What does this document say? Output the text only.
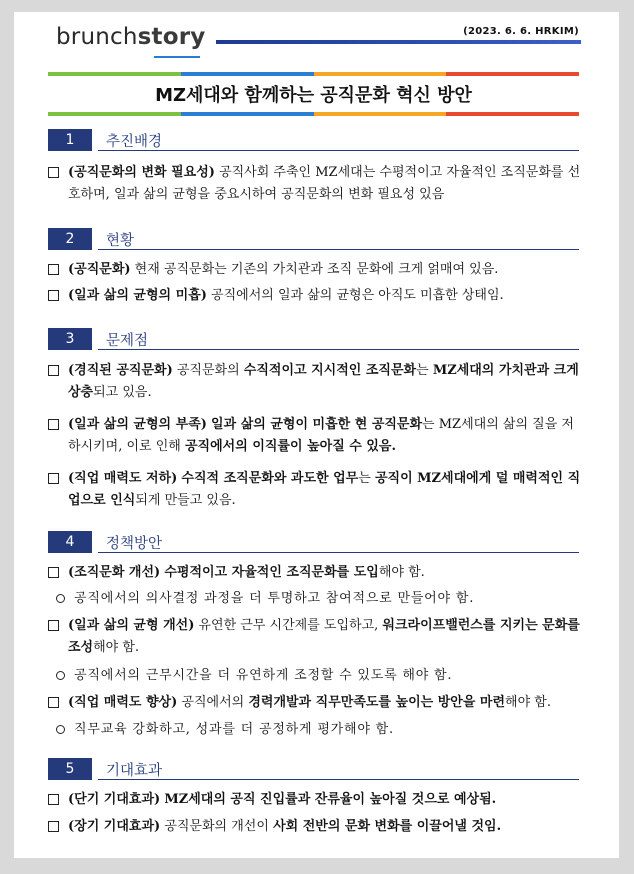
brunchstory	(2023. 6. 6. HRKIM)
MZ세대와 함께하는 공직문화 혁신 방안
1	추진배경
(공직문화의 변화 필요성) 공직사회 주축인 MZ세대는 수평적이고 자율적인 조직문화를 선호하며, 일과 삶의 균형을 중요시하여 공직문화의 변화 필요성 있음
2	현황
(공직문화) 현재 공직문화는 기존의 가치관과 조직 문화에 크게 얽매여 있음.
(일과 삶의 균형의 미흡) 공직에서의 일과 삶의 균형은 아직도 미흡한 상태임.
3	문제점
(경직된 공직문화) 공직문화의 수직적이고 지시적인 조직문화는 MZ세대의 가치관과 크게 상충되고 있음.
(일과 삶의 균형의 부족) 일과 삶의 균형이 미흡한 현 공직문화는 MZ세대의 삶의 질을 저하시키며, 이로 인해 공직에서의 이직률이 높아질 수 있음.
(직업 매력도 저하) 수직적 조직문화와 과도한 업무는 공직이 MZ세대에게 덜 매력적인 직업으로 인식되게 만들고 있음.
4	정책방안
(조직문화 개선) 수평적이고 자율적인 조직문화를 도입해야 함.
공직에서의 의사결정 과정을 더 투명하고 참여적으로 만들어야 함.
(일과 삶의 균형 개선) 유연한 근무 시간제를 도입하고, 워크라이프밸런스를 지키는 문화를 조성해야 함.
공직에서의 근무시간을 더 유연하게 조정할 수 있도록 해야 함.
(직업 매력도 향상) 공직에서의 경력개발과 직무만족도를 높이는 방안을 마련해야 함.
직무교육 강화하고, 성과를 더 공정하게 평가해야 함.
5	기대효과
(단기 기대효과) MZ세대의 공직 진입률과 잔류율이 높아질 것으로 예상됨.
(장기 기대효과) 공직문화의 개선이 사회 전반의 문화 변화를 이끌어낼 것임.
